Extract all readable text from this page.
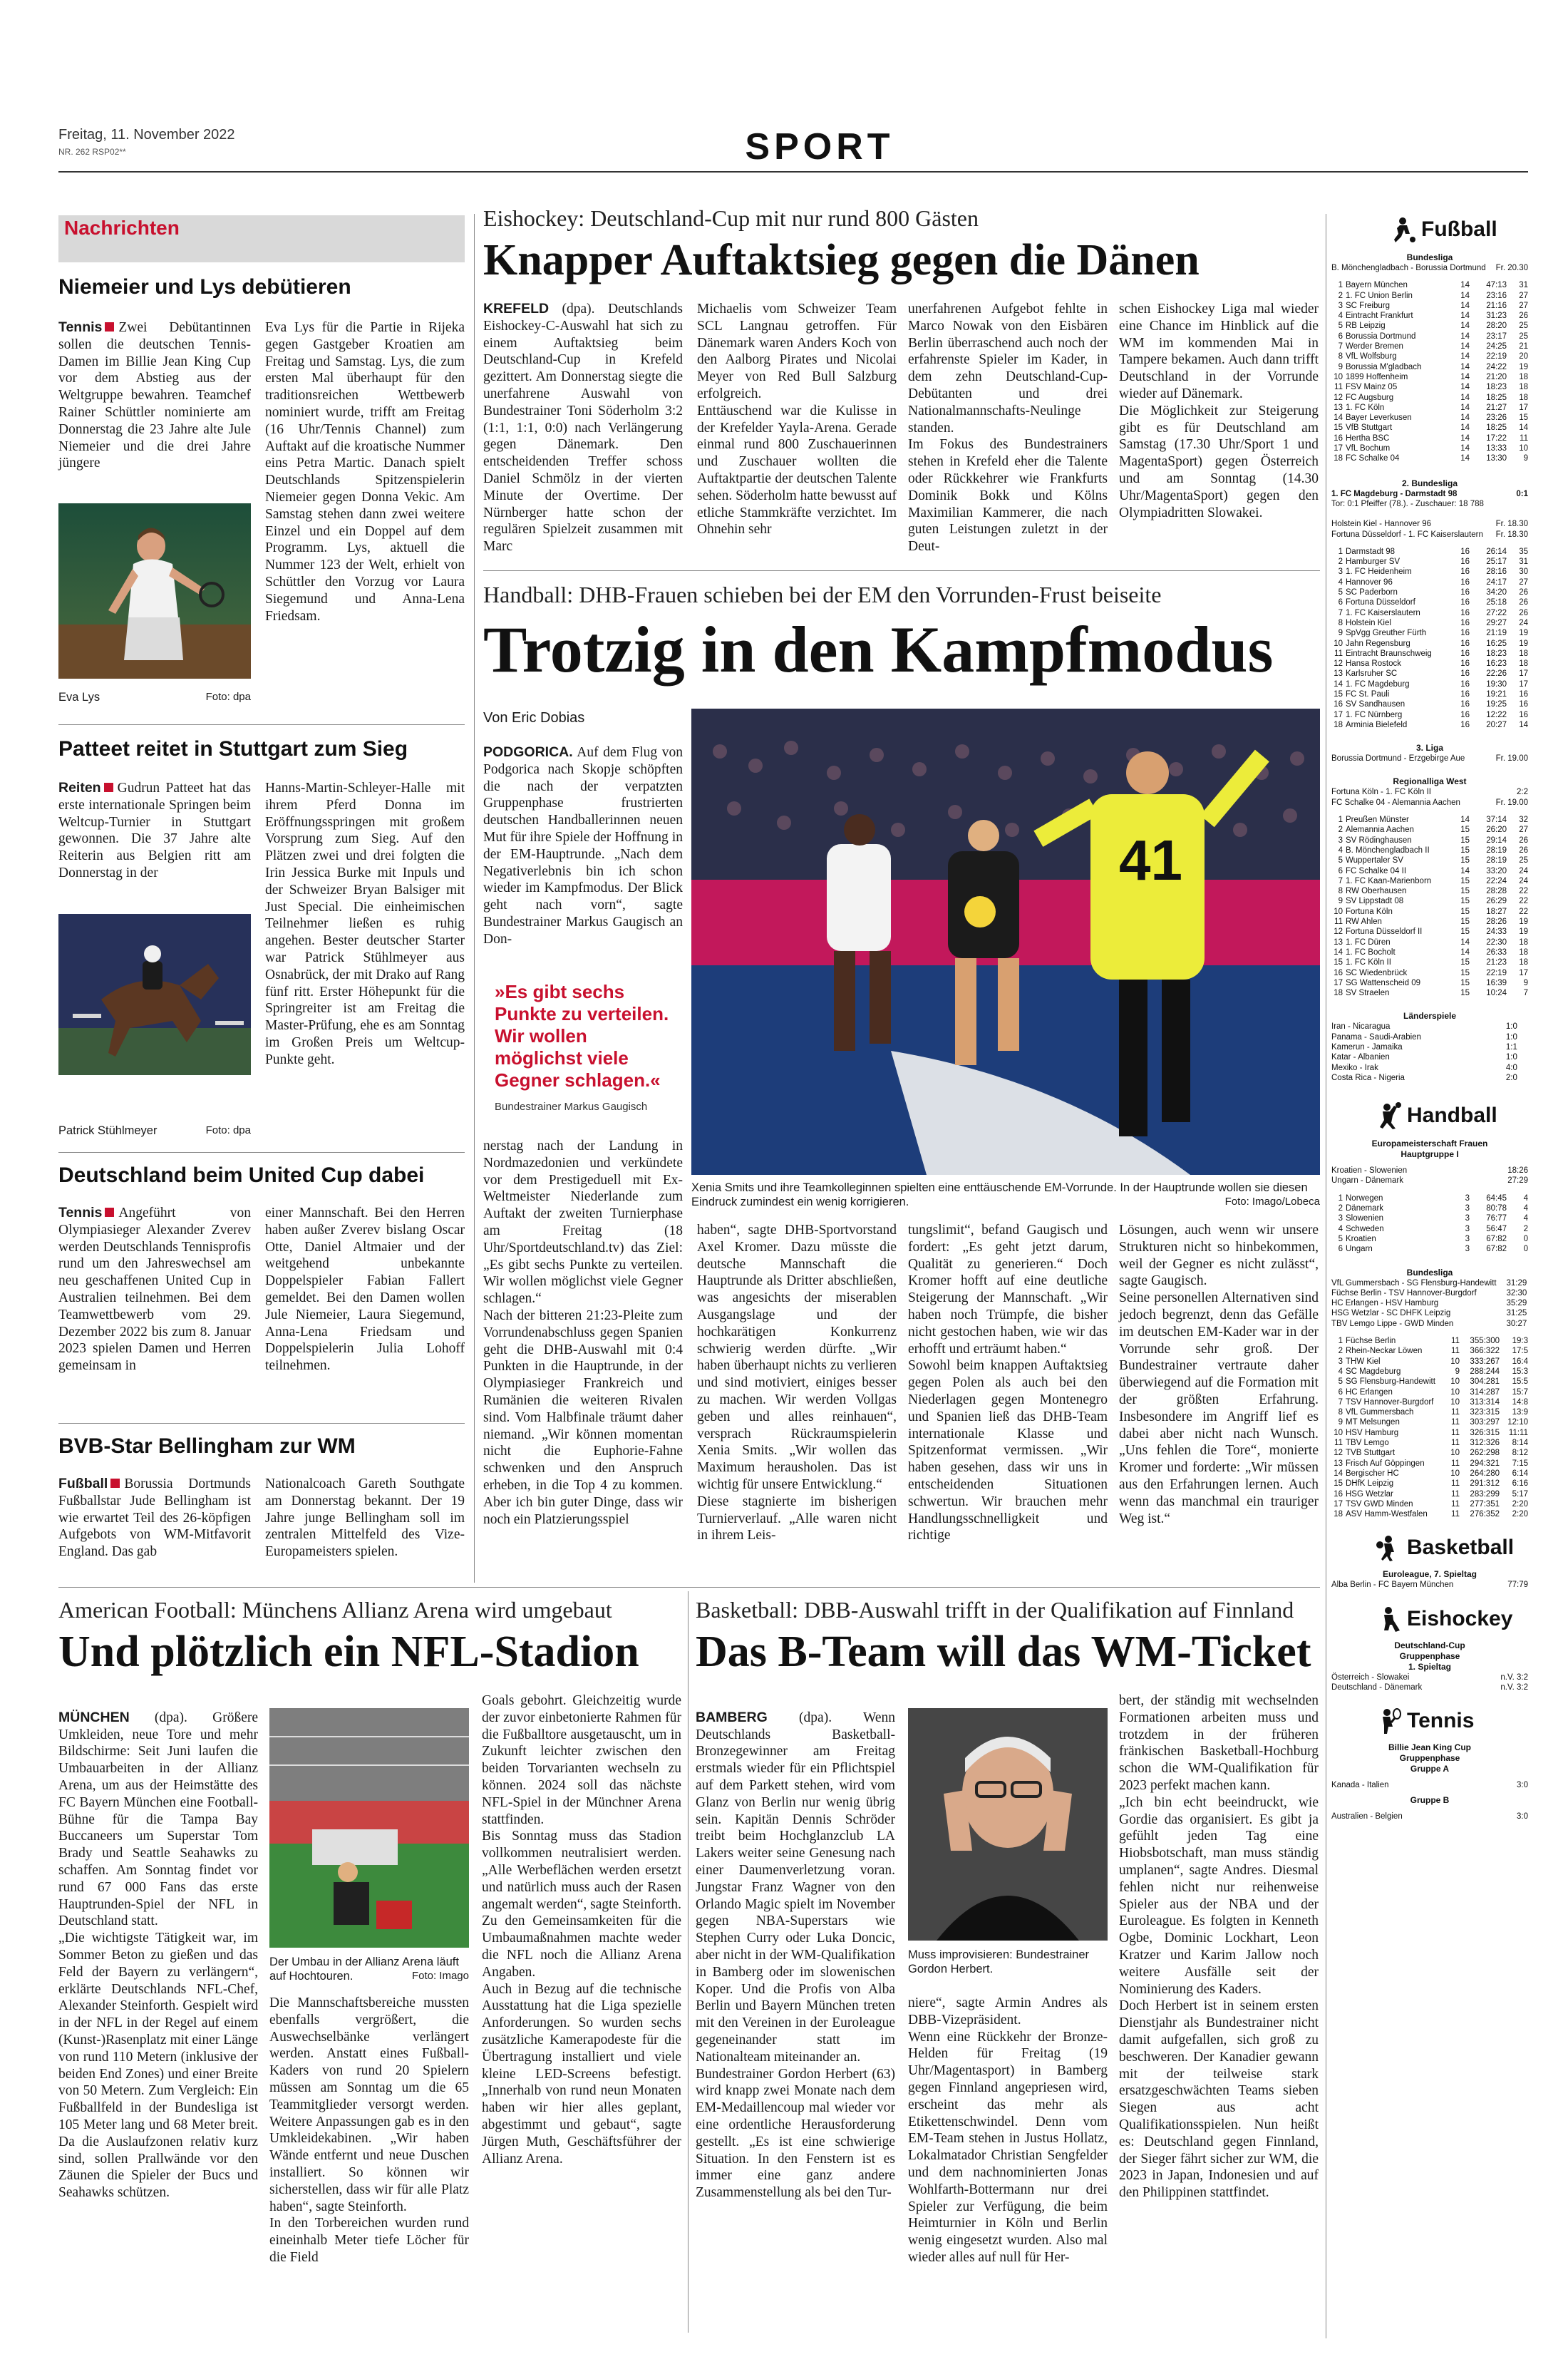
Freitag, 11. November 2022
NR. 262 RSP02**	SPORT
Nachrichten
Niemeier und Lys debütieren
Tennis Zwei Debütantinnen sollen die deutschen Tennis-Damen im Billie Jean King Cup vor dem Abstieg aus der Weltgruppe bewahren. Teamchef Rainer Schüttler nominierte am Donnerstag die 23 Jahre alte Jule Niemeier und die drei Jahre jüngere
Eva Lys	Foto: dpa
Eva Lys für die Partie in Rijeka gegen Gastgeber Kroatien am Freitag und Samstag. Lys, die zum ersten Mal überhaupt für den traditionsreichen Wettbewerb nominiert wurde, trifft am Freitag (16 Uhr/Tennis Channel) zum Auftakt auf die kroatische Nummer eins Petra Martic. Danach spielt Deutschlands Spitzenspielerin Niemeier gegen Donna Vekic. Am Samstag stehen dann zwei weitere Einzel und ein Doppel auf dem Programm. Lys, aktuell die Nummer 123 der Welt, erhielt von Schüttler den Vorzug vor Laura Siegemund und Anna-Lena Friedsam.
Patteet reitet in Stuttgart zum Sieg
Reiten Gudrun Patteet hat das erste internationale Springen beim Weltcup-Turnier in Stuttgart gewonnen. Die 37 Jahre alte Reiterin aus Belgien ritt am Donnerstag in der
Patrick Stühlmeyer	Foto: dpa
Hanns-Martin-Schleyer-Halle mit ihrem Pferd Donna im Eröffnungsspringen mit großem Vorsprung zum Sieg. Auf den Plätzen zwei und drei folgten die Irin Jessica Burke mit Inpuls und der Schweizer Bryan Balsiger mit Just Special. Die einheimischen Teilnehmer ließen es ruhig angehen. Bester deutscher Starter war Patrick Stühlmeyer aus Osnabrück, der mit Drako auf Rang fünf ritt. Erster Höhepunkt für die Springreiter ist am Freitag die Master-Prüfung, ehe es am Sonntag im Großen Preis um Weltcup-Punkte geht.
Deutschland beim United Cup dabei
Tennis Angeführt von Olympiasieger Alexander Zverev werden Deutschlands Tennisprofis rund um den Jahreswechsel am neu geschaffenen United Cup in Australien teilnehmen. Bei dem Teamwettbewerb vom 29. Dezember 2022 bis zum 8. Januar 2023 spielen Damen und Herren gemeinsam in
einer Mannschaft. Bei den Herren haben außer Zverev bislang Oscar Otte, Daniel Altmaier und der weitgehend unbekannte Doppelspieler Fabian Fallert gemeldet. Bei den Damen wollen Jule Niemeier, Laura Siegemund, Anna-Lena Friedsam und Doppelspielerin Julia Lohoff teilnehmen.
BVB-Star Bellingham zur WM
Fußball Borussia Dortmunds Fußballstar Jude Bellingham ist wie erwartet Teil des 26-köpfigen Aufgebots von WM-Mitfavorit England. Das gab
Nationalcoach Gareth Southgate am Donnerstag bekannt. Der 19 Jahre junge Bellingham soll im zentralen Mittelfeld des Vize-Europameisters spielen.
Eishockey: Deutschland-Cup mit nur rund 800 Gästen
Knapper Auftaktsieg gegen die Dänen
KREFELD (dpa). Deutschlands Eishockey-C-Auswahl hat sich zu einem Auftaktsieg beim Deutschland-Cup in Krefeld gezittert. Am Donnerstag siegte die unerfahrene Auswahl von Bundestrainer Toni Söderholm 3:2 (1:1, 1:1, 0:0) nach Verlängerung gegen Dänemark. Den entscheidenden Treffer schoss Daniel Schmölz in der vierten Minute der Overtime. Der Nürnberger hatte schon der regulären Spielzeit zusammen mit Marc
Michaelis vom Schweizer Team SCL Langnau getroffen. Für Dänemark waren Anders Koch von den Aalborg Pirates und Nicolai Meyer von Red Bull Salzburg erfolgreich.
Enttäuschend war die Kulisse in der Krefelder Yayla-Arena. Gerade einmal rund 800 Zuschauerinnen und Zuschauer wollten die Auftaktpartie der deutschen Talente sehen. Söderholm hatte bewusst auf etliche Stammkräfte verzichtet. Im Ohnehin sehr
unerfahrenen Aufgebot fehlte in Marco Nowak von den Eisbären Berlin überraschend auch noch der erfahrenste Spieler im Kader, in dem zehn Deutschland-Cup-Debütanten und drei Nationalmannschafts-Neulinge standen.
Im Fokus des Bundestrainers stehen in Krefeld eher die Talente oder Rückkehrer wie Frankfurts Dominik Bokk und Kölns Maximilian Kammerer, die nach guten Leistungen zuletzt in der Deut-
schen Eishockey Liga mal wieder eine Chance im Hinblick auf die WM im kommenden Mai in Tampere bekamen. Auch dann trifft Deutschland in der Vorrunde wieder auf Dänemark.
Die Möglichkeit zur Steigerung gibt es für Deutschland am Samstag (17.30 Uhr/Sport 1 und MagentaSport) gegen Österreich und am Sonntag (14.30 Uhr/MagentaSport) gegen den Olympiadritten Slowakei.
Handball: DHB-Frauen schieben bei der EM den Vorrunden-Frust beiseite
Trotzig in den Kampfmodus
Von Eric Dobias
PODGORICA. Auf dem Flug von Podgorica nach Skopje schöpften die nach der verpatzten Gruppenphase frustrierten deutschen Handballerinnen neuen Mut für ihre Spiele der Hoffnung in der EM-Hauptrunde. „Nach dem Negativerlebnis bin ich schon wieder im Kampfmodus. Der Blick geht nach vorn“, sagte Bundestrainer Markus Gaugisch an Don-
»Es gibt sechs Punkte zu verteilen. Wir wollen möglichst viele Gegner schlagen.«
Bundestrainer Markus Gaugisch
41
Xenia Smits und ihre Teamkolleginnen spielten eine enttäuschende EM-Vorrunde. In der Hauptrunde wollen sie diesen Eindruck zumindest ein wenig korrigieren.	Foto: Imago/Lobeca
nerstag nach der Landung in Nordmazedonien und verkündete vor dem Prestigeduell mit Ex-Weltmeister Niederlande zum Auftakt der zweiten Turnierphase am Freitag (18 Uhr/Sportdeutschland.tv) das Ziel: „Es gibt sechs Punkte zu verteilen. Wir wollen möglichst viele Gegner schlagen.“
Nach der bitteren 21:23-Pleite zum Vorrundenabschluss gegen Spanien geht die DHB-Auswahl mit 0:4 Punkten in die Hauptrunde, in der Olympiasieger Frankreich und Rumänien die weiteren Rivalen sind. Vom Halbfinale träumt daher niemand. „Wir können momentan nicht die Euphorie-Fahne schwenken und den Anspruch erheben, in die Top 4 zu kommen. Aber ich bin guter Dinge, dass wir noch ein Platzierungsspiel
haben“, sagte DHB-Sportvorstand Axel Kromer. Dazu müsste die deutsche Mannschaft die Hauptrunde als Dritter abschließen, was angesichts der miserablen Ausgangslage und der hochkarätigen Konkurrenz schwierig werden dürfte. „Wir haben überhaupt nichts zu verlieren und sind motiviert, einiges besser zu machen. Wir werden Vollgas geben und alles reinhauen“, versprach Rückraumspielerin Xenia Smits. „Wir wollen das Maximum herausholen. Das ist wichtig für unsere Entwicklung.“
Diese stagnierte im bisherigen Turnierverlauf. „Alle waren nicht in ihrem Leis-
tungslimit“, befand Gaugisch und fordert: „Es geht jetzt darum, Qualität zu generieren.“ Doch Kromer hofft auf eine deutliche Steigerung der Mannschaft. „Wir haben noch Trümpfe, die bisher nicht gestochen haben, wie wir das erhofft und erträumt haben.“
Sowohl beim knappen Auftaktsieg gegen Polen als auch bei den Niederlagen gegen Montenegro und Spanien ließ das DHB-Team internationale Klasse und Spitzenformat vermissen. „Wir haben gesehen, dass wir uns in entscheidenden Situationen schwertun. Wir brauchen mehr Handlungsschnelligkeit und richtige
Lösungen, auch wenn wir unsere Strukturen nicht so hinbekommen, weil der Gegner es nicht zulässt“, sagte Gaugisch.
Seine personellen Alternativen sind jedoch begrenzt, denn das Gefälle im deutschen EM-Kader war in der Vorrunde sehr groß. Der Bundestrainer vertraute daher überwiegend auf die Formation mit der größten Erfahrung. Insbesondere im Angriff lief es dabei aber nicht nach Wunsch. „Uns fehlen die Tore“, monierte Kromer und forderte: „Wir müssen aus den Erfahrungen lernen. Auch wenn das manchmal ein trauriger Weg ist.“
American Football: Münchens Allianz Arena wird umgebaut
Und plötzlich ein NFL-Stadion

MÜNCHEN (dpa). Größere Umkleiden, neue Tore und mehr Bildschirme: Seit Juni laufen die Umbauarbeiten in der Allianz Arena, um aus der Heimstätte des FC Bayern München eine Football-Bühne für die Tampa Bay Buccaneers um Superstar Tom Brady und Seattle Seahawks zu schaffen. Am Sonntag findet vor rund 67 000 Fans das erste Hauptrunden-Spiel der NFL in Deutschland statt.
„Die wichtigste Tätigkeit war, im Sommer Beton zu gießen und das Feld der Bayern zu verlängern“, erklärte Deutschlands NFL-Chef, Alexander Steinforth. Gespielt wird in der NFL in der Regel auf einem (Kunst-)Rasenplatz mit einer Länge von rund 110 Metern (inklusive der beiden End Zones) und einer Breite von 50 Metern. Zum Vergleich: Ein Fußballfeld in der Bundesliga ist 105 Meter lang und 68 Meter breit. Da die Auslaufzonen relativ kurz sind, sollen Prallwände vor den Zäunen die Spieler der Bucs und Seahawks schützen.

Der Umbau in der Allianz Arena läuft auf Hochtouren.	Foto: Imago
Die Mannschaftsbereiche mussten ebenfalls vergrößert, die Auswechselbänke verlängert werden. Anstatt eines Fußball-Kaders von rund 20 Spielern müssen am Sonntag um die 65 Teammitglieder versorgt werden. Weitere Anpassungen gab es in den Umkleidekabinen. „Wir haben Wände entfernt und neue Duschen installiert. So können wir sicherstellen, dass wir für alle Platz haben“, sagte Steinforth.
In den Torbereichen wurden rund eineinhalb Meter tiefe Löcher für die Field
Goals gebohrt. Gleichzeitig wurde der zuvor einbetonierte Rahmen für die Fußballtore ausgetauscht, um in Zukunft leichter zwischen den beiden Torvarianten wechseln zu können. 2024 soll das nächste NFL-Spiel in der Münchner Arena stattfinden.
Bis Sonntag muss das Stadion vollkommen neutralisiert werden. „Alle Werbeflächen werden ersetzt und natürlich muss auch der Rasen angemalt werden“, sagte Steinforth. Zu den Gemeinsamkeiten für die Umbaumaßnahmen machte weder die NFL noch die Allianz Arena Angaben.
Auch in Bezug auf die technische Ausstattung hat die Liga spezielle Anforderungen. So wurden sechs zusätzliche Kamerapodeste für die Übertragung installiert und viele kleine LED-Screens befestigt. „Innerhalb von rund neun Monaten haben wir hier alles geplant, abgestimmt und gebaut“, sagte Jürgen Muth, Geschäftsführer der Allianz Arena.
Basketball: DBB-Auswahl trifft in der Qualifikation auf Finnland
Das B-Team will das WM-Ticket

BAMBERG (dpa). Wenn Deutschlands Basketball-Bronzegewinner am Freitag erstmals wieder für ein Pflichtspiel auf dem Parkett stehen, wird vom Glanz von Berlin nur wenig übrig sein. Kapitän Dennis Schröder treibt beim Hochglanzclub LA Lakers weiter seine Genesung nach einer Daumenverletzung voran. Jungstar Franz Wagner von den Orlando Magic spielt im November gegen NBA-Superstars wie Stephen Curry oder Luka Doncic, aber nicht in der WM-Qualifikation in Bamberg oder im slowenischen Koper. Und die Profis von Alba Berlin und Bayern München treten mit den Vereinen in der Euroleague gegeneinander statt im Nationalteam miteinander an.
Bundestrainer Gordon Herbert (63) wird knapp zwei Monate nach dem EM-Medaillencoup mal wieder vor eine ordentliche Herausforderung gestellt. „Es ist eine schwierige Situation. In den Fenstern ist es immer eine ganz andere Zusammenstellung als bei den Tur-

Muss improvisieren: Bundestrainer Gordon Herbert.
niere“, sagte Armin Andres als DBB-Vizepräsident.
Wenn eine Rückkehr der Bronze-Helden für Freitag (19 Uhr/Magentasport) in Bamberg gegen Finnland angepriesen wird, erscheint das mehr als Etikettenschwindel. Denn vom EM-Team stehen in Justus Hollatz, Lokalmatador Christian Sengfelder und dem nachnominierten Jonas Wohlfarth-Bottermann nur drei Spieler zur Verfügung, die beim Heimturnier in Köln und Berlin wenig eingesetzt wurden. Also mal wieder alles auf null für Her-
bert, der ständig mit wechselnden Formationen arbeiten muss und trotzdem in der früheren fränkischen Basketball-Hochburg schon die WM-Qualifikation für 2023 perfekt machen kann.
„Ich bin echt beeindruckt, wie Gordie das organisiert. Es gibt ja gefühlt jeden Tag eine Hiobsbotschaft, man muss ständig umplanen“, sagte Andres. Diesmal fehlen nicht nur reihenweise Spieler aus der NBA und der Euroleague. Es folgten in Kenneth Ogbe, Dominic Lockhart, Leon Kratzer und Karim Jallow noch weitere Ausfälle seit der Nominierung des Kaders.
Doch Herbert ist in seinem ersten Dienstjahr als Bundestrainer nicht damit aufgefallen, sich groß zu beschweren. Der Kanadier gewann mit der teilweise stark ersatzgeschwächten Teams sieben Siegen aus acht Qualifikationsspielen. Nun heißt es: Deutschland gegen Finnland, der Sieger fährt sicher zur WM, die 2023 in Japan, Indonesien und auf den Philippinen stattfindet.
Fußball
Bundesliga
B. Mönchengladbach - Borussia Dortmund	Fr. 20.30
1	Bayern München	14	47:13	31
2	1. FC Union Berlin	14	23:16	27
3	SC Freiburg	14	21:16	27
4	Eintracht Frankfurt	14	31:23	26
5	RB Leipzig	14	28:20	25
6	Borussia Dortmund	14	23:17	25
7	Werder Bremen	14	24:25	21
8	VfL Wolfsburg	14	22:19	20
9	Borussia M'gladbach	14	24:22	19
10	1899 Hoffenheim	14	21:20	18
11	FSV Mainz 05	14	18:23	18
12	FC Augsburg	14	18:25	18
13	1. FC Köln	14	21:27	17
14	Bayer Leverkusen	14	23:26	15
15	VfB Stuttgart	14	18:25	14
16	Hertha BSC	14	17:22	11
17	VfL Bochum	14	13:33	10
18	FC Schalke 04	14	13:30	9
2. Bundesliga
1. FC Magdeburg - Darmstadt 98	0:1
Tor: 0:1 Pfeiffer (78.). - Zuschauer: 18 788
Holstein Kiel - Hannover 96	Fr. 18.30
Fortuna Düsseldorf - 1. FC Kaiserslautern	Fr. 18.30
1	Darmstadt 98	16	26:14	35
2	Hamburger SV	16	25:17	31
3	1. FC Heidenheim	16	28:16	30
4	Hannover 96	16	24:17	27
5	SC Paderborn	16	34:20	26
6	Fortuna Düsseldorf	16	25:18	26
7	1. FC Kaiserslautern	16	27:22	26
8	Holstein Kiel	16	29:27	24
9	SpVgg Greuther Fürth	16	21:19	19
10	Jahn Regensburg	16	16:25	19
11	Eintracht Braunschweig	16	18:23	18
12	Hansa Rostock	16	16:23	18
13	Karlsruher SC	16	22:26	17
14	1. FC Magdeburg	16	19:30	17
15	FC St. Pauli	16	19:21	16
16	SV Sandhausen	16	19:25	16
17	1. FC Nürnberg	16	12:22	16
18	Arminia Bielefeld	16	20:27	14
3. Liga
Borussia Dortmund - Erzgebirge Aue	Fr. 19.00
Regionalliga West
Fortuna Köln - 1. FC Köln II	2:2
FC Schalke 04 - Alemannia Aachen	Fr. 19.00
1	Preußen Münster	14	37:14	32
2	Alemannia Aachen	15	26:20	27
3	SV Rödinghausen	15	29:14	26
4	B. Mönchengladbach II	15	28:19	26
5	Wuppertaler SV	15	28:19	25
6	FC Schalke 04 II	14	33:20	24
7	1. FC Kaan-Marienborn	15	22:24	24
8	RW Oberhausen	15	28:28	22
9	SV Lippstadt 08	15	26:29	22
10	Fortuna Köln	15	18:27	22
11	RW Ahlen	15	28:26	19
12	Fortuna Düsseldorf II	15	24:33	19
13	1. FC Düren	14	22:30	18
14	1. FC Bocholt	14	26:33	18
15	1. FC Köln II	15	21:23	18
16	SC Wiedenbrück	15	22:19	17
17	SG Wattenscheid 09	15	16:39	9
18	SV Straelen	15	10:24	7
Länderspiele
Iran - Nicaragua	1:0
Panama - Saudi-Arabien	1:0
Kamerun - Jamaika	1:1
Katar - Albanien	1:0
Mexiko - Irak	4:0
Costa Rica - Nigeria	2:0
Handball
Europameisterschaft Frauen
Hauptgruppe I
Kroatien - Slowenien	18:26
Ungarn - Dänemark	27:29
1	Norwegen	3	64:45	4
2	Dänemark	3	80:78	4
3	Slowenien	3	76:77	4
4	Schweden	3	56:47	2
5	Kroatien	3	67:82	0
6	Ungarn	3	67:82	0
Bundesliga
VfL Gummersbach - SG Flensburg-Handewitt	31:29
Füchse Berlin - TSV Hannover-Burgdorf	32:30
HC Erlangen - HSV Hamburg	35:29
HSG Wetzlar - SC DHFK Leipzig	31:25
TBV Lemgo Lippe - GWD Minden	30:27
1	Füchse Berlin	11	355:300	19:3
2	Rhein-Neckar Löwen	11	366:322	17:5
3	THW Kiel	10	333:267	16:4
4	SC Magdeburg	9	288:244	15:3
5	SG Flensburg-Handewitt	10	304:281	15:5
6	HC Erlangen	10	314:287	15:7
7	TSV Hannover-Burgdorf	10	313:314	14:8
8	VfL Gummersbach	11	323:315	13:9
9	MT Melsungen	11	303:297	12:10
10	HSV Hamburg	11	326:315	11:11
11	TBV Lemgo	11	312:326	8:14
12	TVB Stuttgart	10	262:298	8:12
13	Frisch Auf Göppingen	11	294:321	7:15
14	Bergischer HC	10	264:280	6:14
15	DHfK Leipzig	11	291:312	6:16
16	HSG Wetzlar	11	283:299	5:17
17	TSV GWD Minden	11	277:351	2:20
18	ASV Hamm-Westfalen	11	276:352	2:20
Basketball
Euroleague, 7. Spieltag
Alba Berlin - FC Bayern München	77:79
Eishockey
Deutschland-Cup
Gruppenphase
1. Spieltag
Österreich - Slowakei	n.V. 3:2
Deutschland - Dänemark	n.V. 3:2
Tennis
Billie Jean King Cup
Gruppenphase
Gruppe A
Kanada - Italien	3:0
Gruppe B
Australien - Belgien	3:0
